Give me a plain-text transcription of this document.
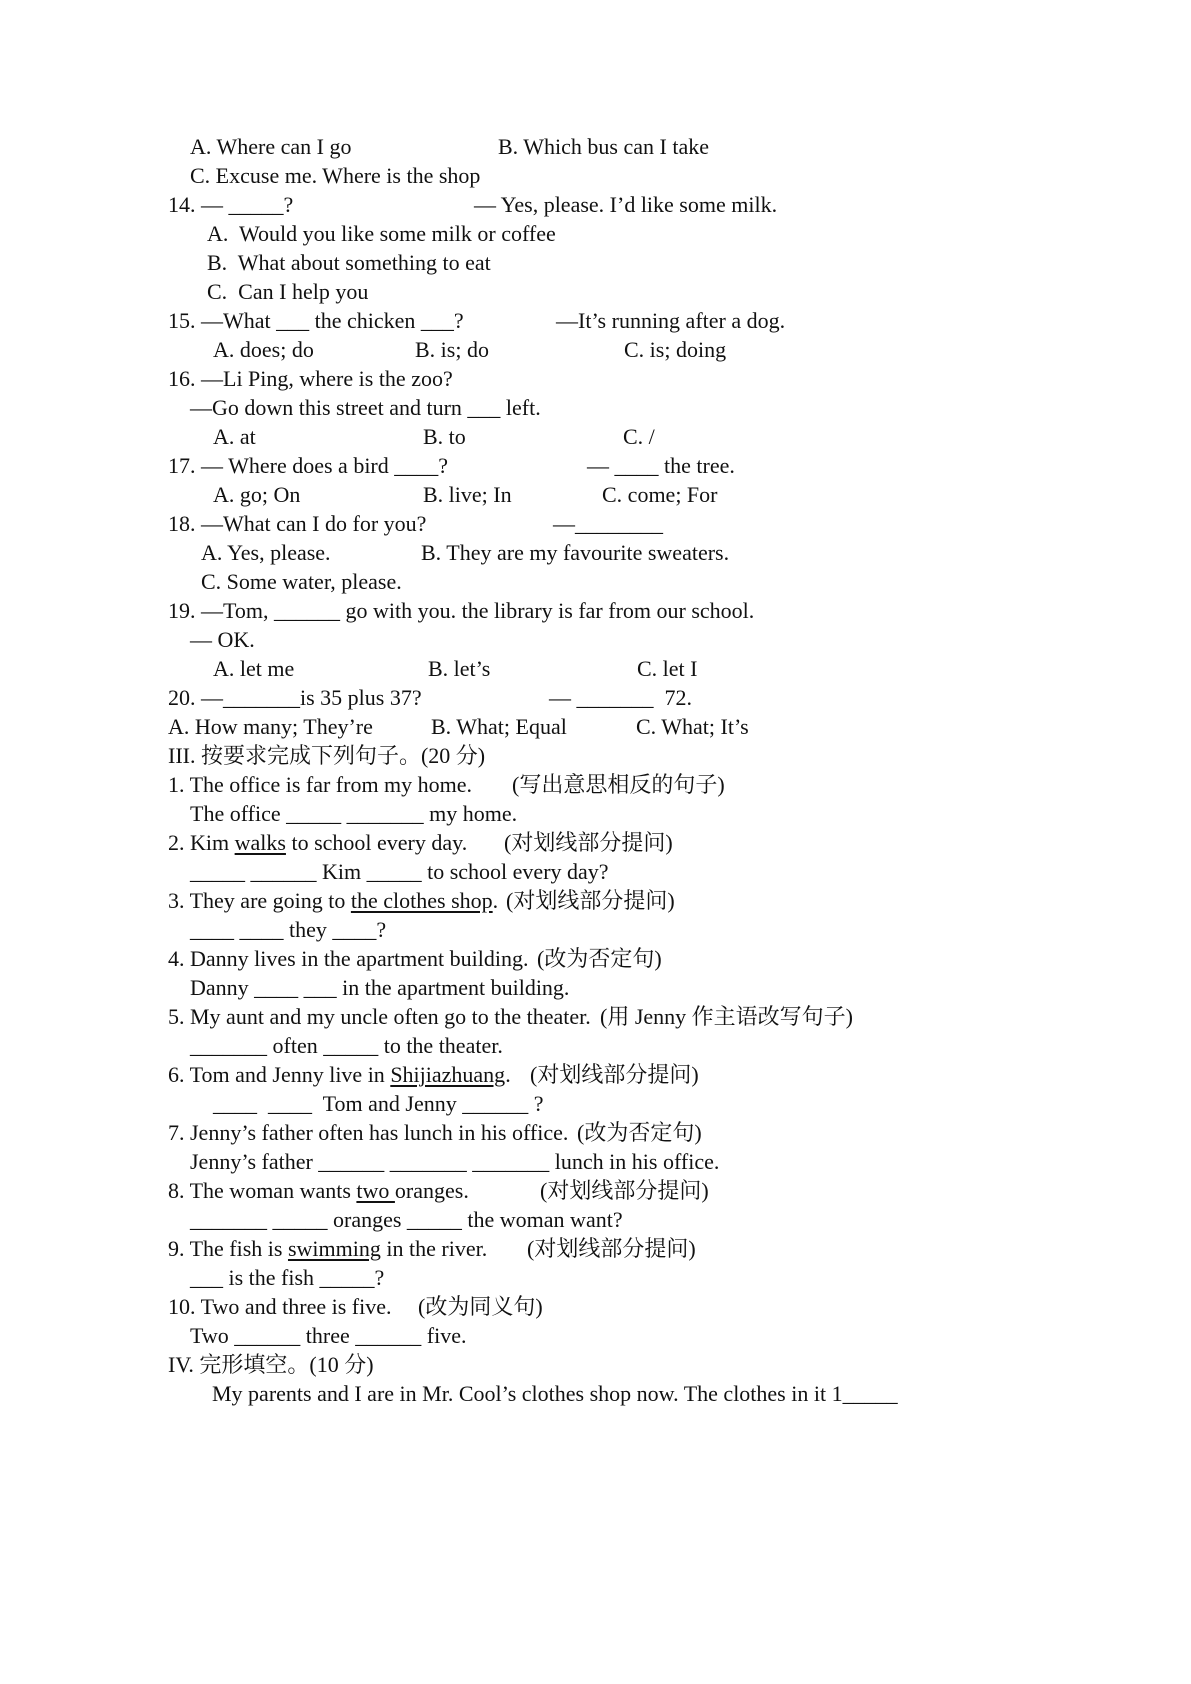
A. Where can I go	B. Which bus can I take
C. Excuse me. Where is the shop
14. — _____?	— Yes, please. I’d like some milk.
A.  Would you like some milk or coffee
B.  What about something to eat
C.  Can I help you
15. —What ___ the chicken ___?	—It’s running after a dog.
A. does; do	B. is; do	C. is; doing
16. —Li Ping, where is the zoo?
—Go down this street and turn ___ left.
A. at	B. to	C. /
17. — Where does a bird ____?	— ____ the tree.
A. go; On	B. live; In	C. come; For
18. —What can I do for you?	—________
A. Yes, please.	B. They are my favourite sweaters.
C. Some water, please.
19. —Tom, ______ go with you. the library is far from our school.
— OK.
A. let me	B. let’s	C. let I
20. —_______is 35 plus 37?	— _______  72.
A. How many; They’re	B. What; Equal	C. What; It’s
III. 按要求完成下列句子。(20 分)
1. The office is far from my home. (写出意思相反的句子)
The office _____ _______ my home.
2. Kim walks to school every day. (对划线部分提问)
_____ ______ Kim _____ to school every day?
3. They are going to the clothes shop. (对划线部分提问)
____ ____ they ____?
4. Danny lives in the apartment building. (改为否定句)
Danny ____ ___ in the apartment building.
5. My aunt and my uncle often go to the theater. (用 Jenny 作主语改写句子)
_______ often _____ to the theater.
6. Tom and Jenny live in Shijiazhuang. (对划线部分提问)
____  ____  Tom and Jenny ______ ?
7. Jenny’s father often has lunch in his office. (改为否定句)
Jenny’s father ______ _______ _______ lunch in his office.
8. The woman wants two oranges.	(对划线部分提问)
_______ _____ oranges _____ the woman want?
9. The fish is swimming in the river. (对划线部分提问)
___ is the fish _____?
10. Two and three is five. (改为同义句)
Two ______ three ______ five.
IV. 完形填空。(10 分)
My parents and I are in Mr. Cool’s clothes shop now. The clothes in it 1_____
